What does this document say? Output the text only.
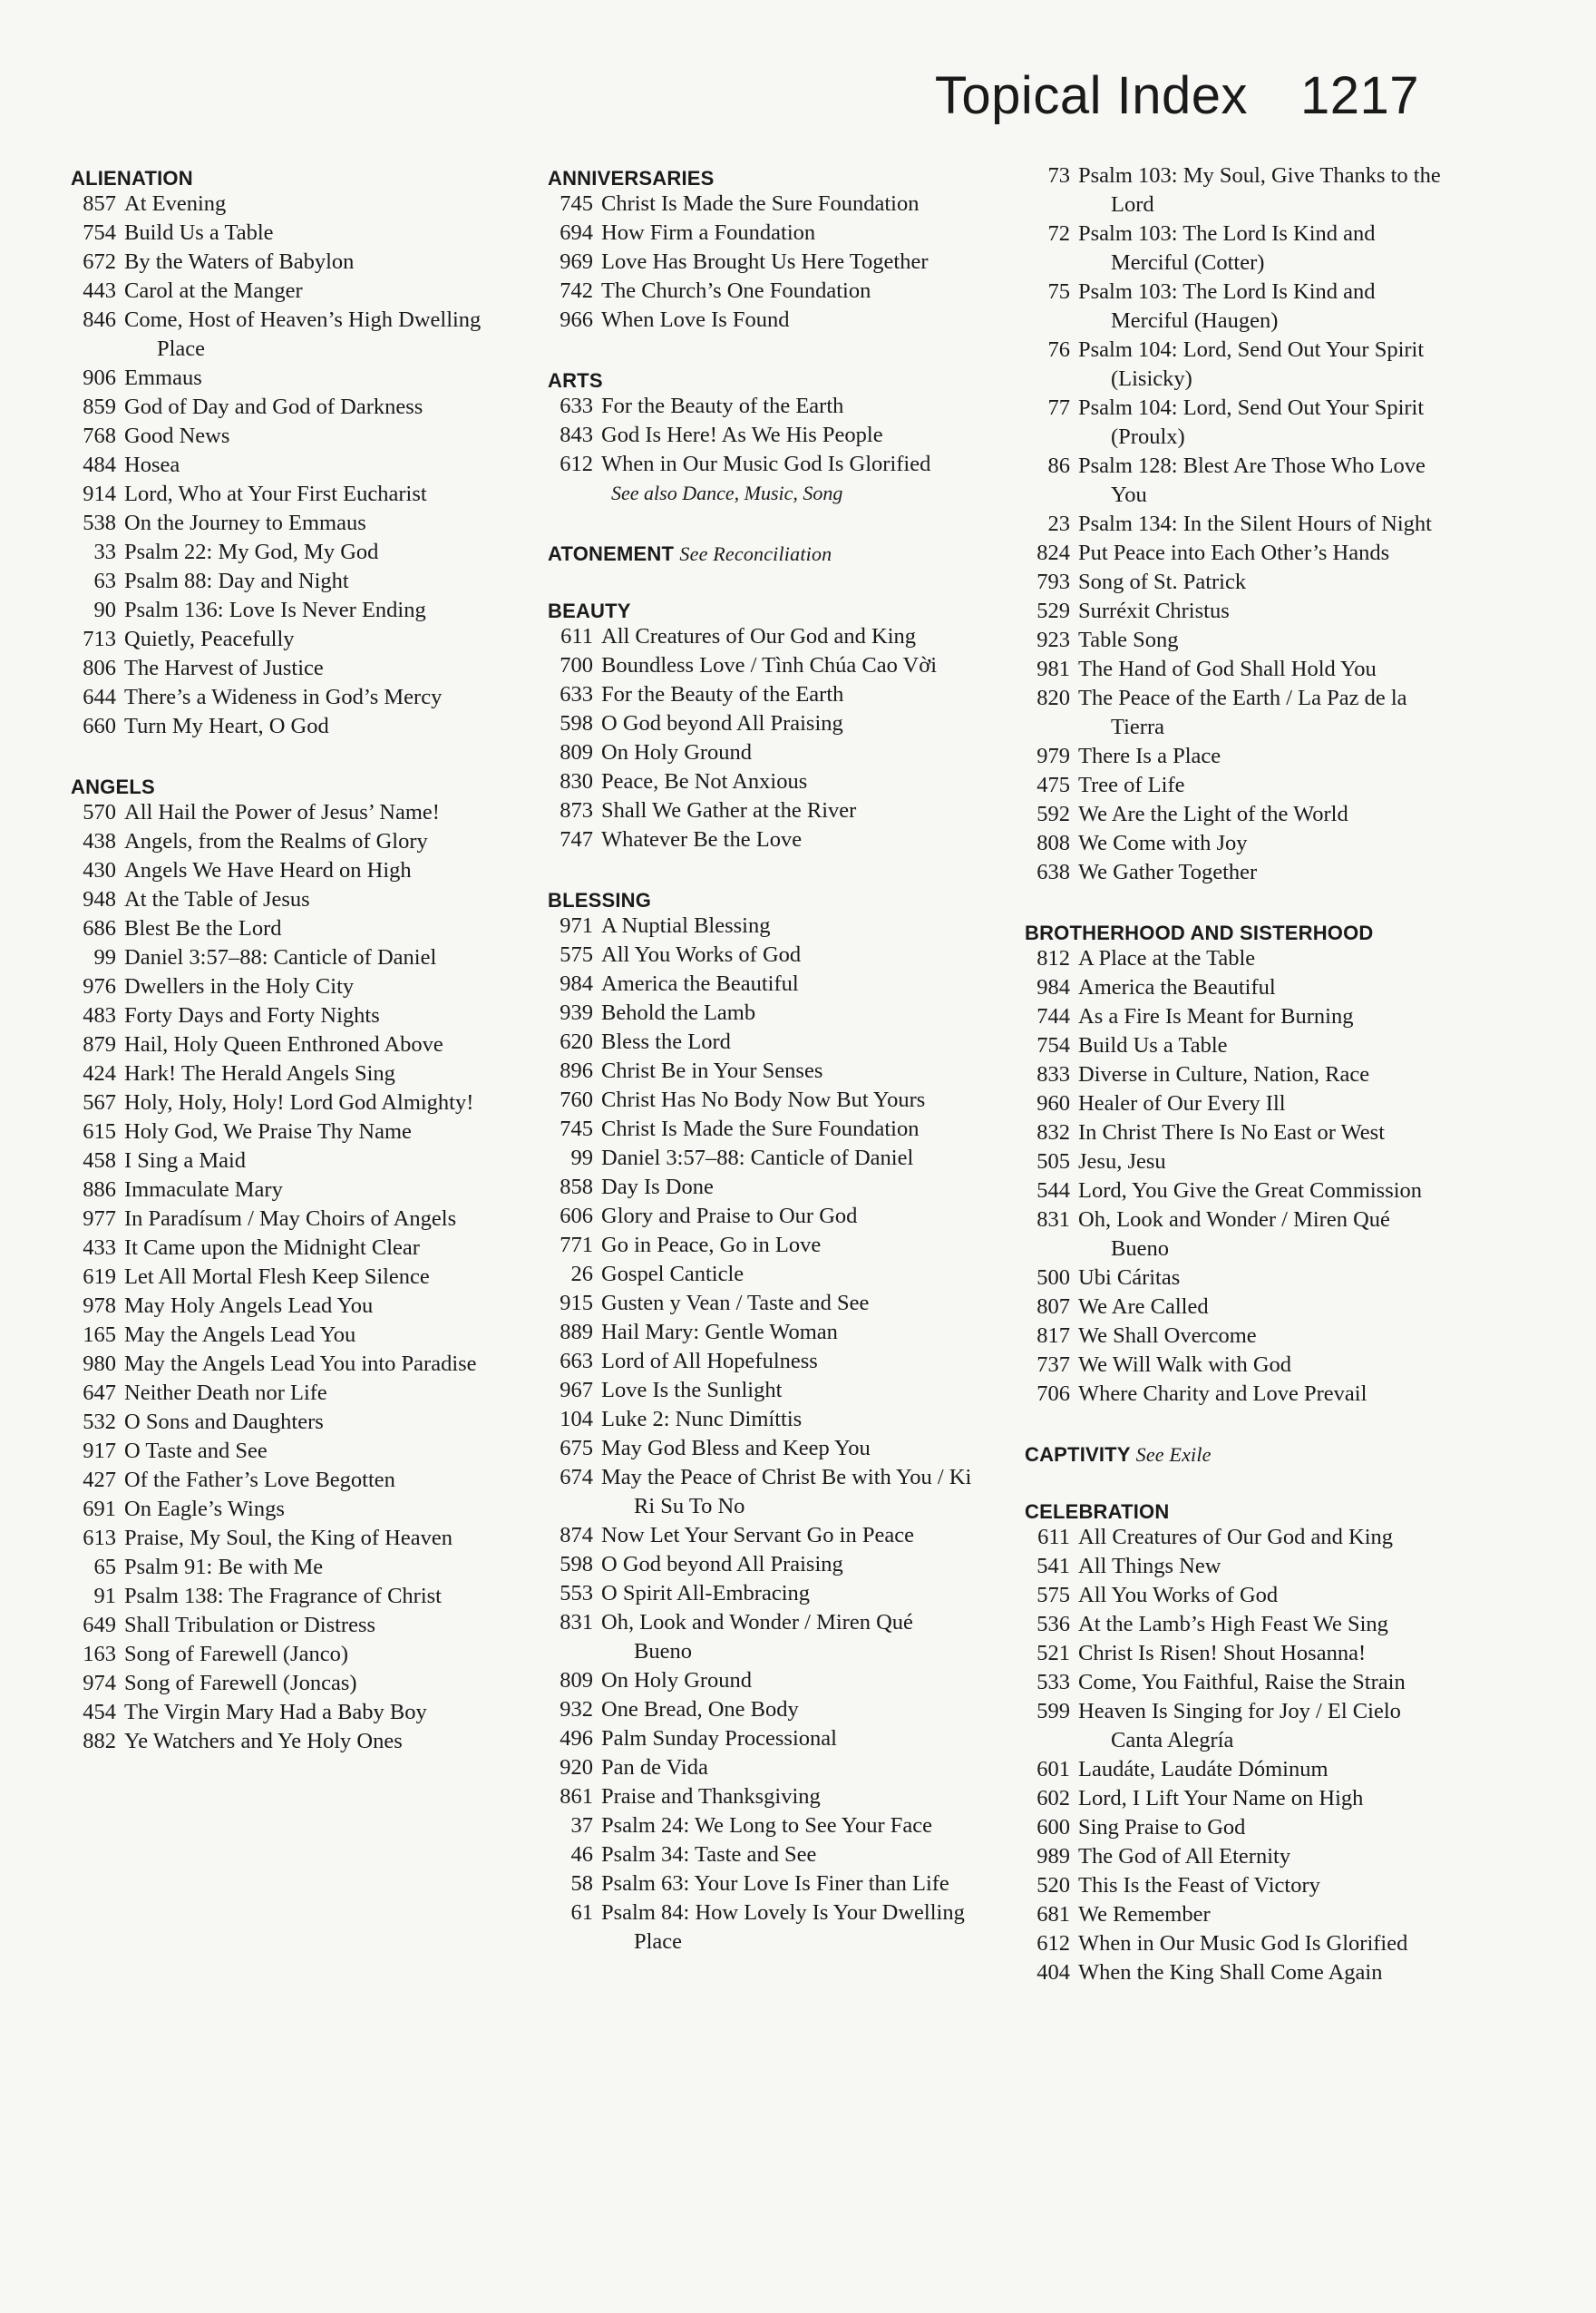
Topical Index 1217
ALIENATION
857 At Evening
754 Build Us a Table
672 By the Waters of Babylon
443 Carol at the Manger
846 Come, Host of Heaven’s High Dwelling Place
906 Emmaus
859 God of Day and God of Darkness
768 Good News
484 Hosea
914 Lord, Who at Your First Eucharist
538 On the Journey to Emmaus
33 Psalm 22: My God, My God
63 Psalm 88: Day and Night
90 Psalm 136: Love Is Never Ending
713 Quietly, Peacefully
806 The Harvest of Justice
644 There’s a Wideness in God’s Mercy
660 Turn My Heart, O God
ANGELS
570 All Hail the Power of Jesus’ Name!
438 Angels, from the Realms of Glory
430 Angels We Have Heard on High
948 At the Table of Jesus
686 Blest Be the Lord
99 Daniel 3:57–88: Canticle of Daniel
976 Dwellers in the Holy City
483 Forty Days and Forty Nights
879 Hail, Holy Queen Enthroned Above
424 Hark! The Herald Angels Sing
567 Holy, Holy, Holy! Lord God Almighty!
615 Holy God, We Praise Thy Name
458 I Sing a Maid
886 Immaculate Mary
977 In Paradísum / May Choirs of Angels
433 It Came upon the Midnight Clear
619 Let All Mortal Flesh Keep Silence
978 May Holy Angels Lead You
165 May the Angels Lead You
980 May the Angels Lead You into Paradise
647 Neither Death nor Life
532 O Sons and Daughters
917 O Taste and See
427 Of the Father’s Love Begotten
691 On Eagle’s Wings
613 Praise, My Soul, the King of Heaven
65 Psalm 91: Be with Me
91 Psalm 138: The Fragrance of Christ
649 Shall Tribulation or Distress
163 Song of Farewell (Janco)
974 Song of Farewell (Joncas)
454 The Virgin Mary Had a Baby Boy
882 Ye Watchers and Ye Holy Ones
ANNIVERSARIES
745 Christ Is Made the Sure Foundation
694 How Firm a Foundation
969 Love Has Brought Us Here Together
742 The Church’s One Foundation
966 When Love Is Found
ARTS
633 For the Beauty of the Earth
843 God Is Here! As We His People
612 When in Our Music God Is Glorified
See also Dance, Music, Song
ATONEMENT See Reconciliation
BEAUTY
611 All Creatures of Our God and King
700 Boundless Love / Tình Chúa Cao Vời
633 For the Beauty of the Earth
598 O God beyond All Praising
809 On Holy Ground
830 Peace, Be Not Anxious
873 Shall We Gather at the River
747 Whatever Be the Love
BLESSING
971 A Nuptial Blessing
575 All You Works of God
984 America the Beautiful
939 Behold the Lamb
620 Bless the Lord
896 Christ Be in Your Senses
760 Christ Has No Body Now But Yours
745 Christ Is Made the Sure Foundation
99 Daniel 3:57–88: Canticle of Daniel
858 Day Is Done
606 Glory and Praise to Our God
771 Go in Peace, Go in Love
26 Gospel Canticle
915 Gusten y Vean / Taste and See
889 Hail Mary: Gentle Woman
663 Lord of All Hopefulness
967 Love Is the Sunlight
104 Luke 2: Nunc Dimíttis
675 May God Bless and Keep You
674 May the Peace of Christ Be with You / Ki Ri Su To No
874 Now Let Your Servant Go in Peace
598 O God beyond All Praising
553 O Spirit All-Embracing
831 Oh, Look and Wonder / Miren Qué Bueno
809 On Holy Ground
932 One Bread, One Body
496 Palm Sunday Processional
920 Pan de Vida
861 Praise and Thanksgiving
37 Psalm 24: We Long to See Your Face
46 Psalm 34: Taste and See
58 Psalm 63: Your Love Is Finer than Life
61 Psalm 84: How Lovely Is Your Dwelling Place
73 Psalm 103: My Soul, Give Thanks to the Lord
72 Psalm 103: The Lord Is Kind and Merciful (Cotter)
75 Psalm 103: The Lord Is Kind and Merciful (Haugen)
76 Psalm 104: Lord, Send Out Your Spirit (Lisicky)
77 Psalm 104: Lord, Send Out Your Spirit (Proulx)
86 Psalm 128: Blest Are Those Who Love You
23 Psalm 134: In the Silent Hours of Night
824 Put Peace into Each Other’s Hands
793 Song of St. Patrick
529 Surréxit Christus
923 Table Song
981 The Hand of God Shall Hold You
820 The Peace of the Earth / La Paz de la Tierra
979 There Is a Place
475 Tree of Life
592 We Are the Light of the World
808 We Come with Joy
638 We Gather Together
BROTHERHOOD AND SISTERHOOD
812 A Place at the Table
984 America the Beautiful
744 As a Fire Is Meant for Burning
754 Build Us a Table
833 Diverse in Culture, Nation, Race
960 Healer of Our Every Ill
832 In Christ There Is No East or West
505 Jesu, Jesu
544 Lord, You Give the Great Commission
831 Oh, Look and Wonder / Miren Qué Bueno
500 Ubi Cáritas
807 We Are Called
817 We Shall Overcome
737 We Will Walk with God
706 Where Charity and Love Prevail
CAPTIVITY See Exile
CELEBRATION
611 All Creatures of Our God and King
541 All Things New
575 All You Works of God
536 At the Lamb’s High Feast We Sing
521 Christ Is Risen! Shout Hosanna!
533 Come, You Faithful, Raise the Strain
599 Heaven Is Singing for Joy / El Cielo Canta Alegría
601 Laudáte, Laudáte Dóminum
602 Lord, I Lift Your Name on High
600 Sing Praise to God
989 The God of All Eternity
520 This Is the Feast of Victory
681 We Remember
612 When in Our Music God Is Glorified
404 When the King Shall Come Again
